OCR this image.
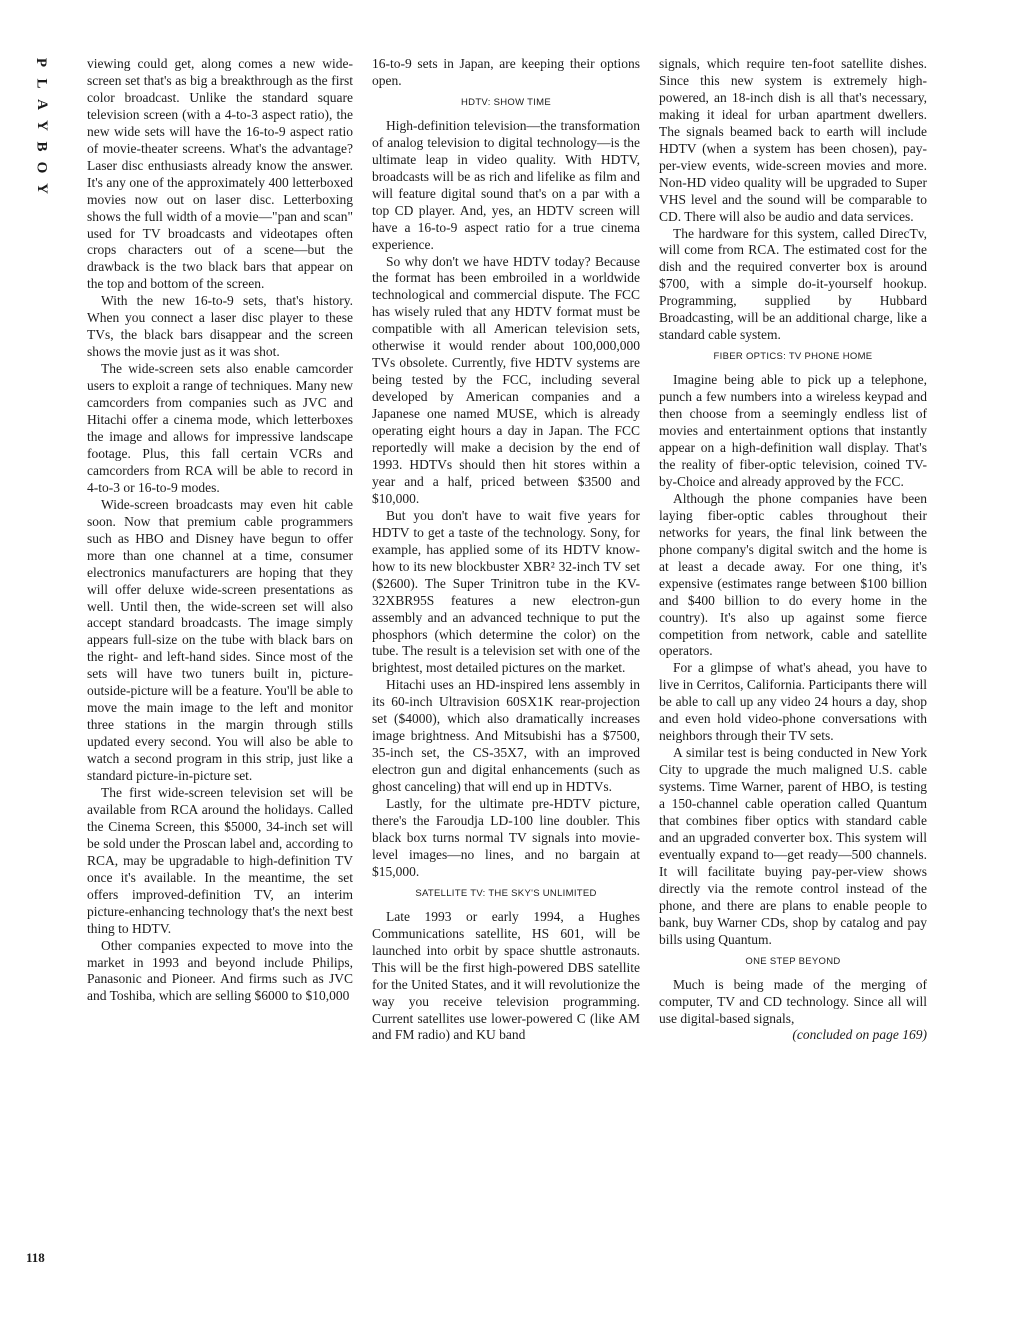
P
L
A
Y
B
O
Y
118

viewing could get, along comes a new wide-screen set that's as big a breakthrough as the first color broadcast. Unlike the standard square television screen (with a 4-to-3 aspect ratio), the new wide sets will have the 16-to-9 aspect ratio of movie-theater screens. What's the advantage? Laser disc enthusiasts already know the answer. It's any one of the approximately 400 letterboxed movies now out on laser disc. Letterboxing shows the full width of a movie—"pan and scan" used for TV broadcasts and videotapes often crops characters out of a scene—but the drawback is the two black bars that appear on the top and bottom of the screen.

With the new 16-to-9 sets, that's history. When you connect a laser disc player to these TVs, the black bars disappear and the screen shows the movie just as it was shot.

The wide-screen sets also enable camcorder users to exploit a range of techniques. Many new camcorders from companies such as JVC and Hitachi offer a cinema mode, which letterboxes the image and allows for impressive landscape footage. Plus, this fall certain VCRs and camcorders from RCA will be able to record in 4-to-3 or 16-to-9 modes.

Wide-screen broadcasts may even hit cable soon. Now that premium cable programmers such as HBO and Disney have begun to offer more than one channel at a time, consumer electronics manufacturers are hoping that they will offer deluxe wide-screen presentations as well. Until then, the wide-screen set will also accept standard broadcasts. The image simply appears full-size on the tube with black bars on the right- and left-hand sides. Since most of the sets will have two tuners built in, picture-outside-picture will be a feature. You'll be able to move the main image to the left and monitor three stations in the margin through stills updated every second. You will also be able to watch a second program in this strip, just like a standard picture-in-picture set.

The first wide-screen television set will be available from RCA around the holidays. Called the Cinema Screen, this $5000, 34-inch set will be sold under the Proscan label and, according to RCA, may be upgradable to high-definition TV once it's available. In the meantime, the set offers improved-definition TV, an interim picture-enhancing technology that's the next best thing to HDTV.

Other companies expected to move into the market in 1993 and beyond include Philips, Panasonic and Pioneer. And firms such as JVC and Toshiba, which are selling $6000 to $10,000

16-to-9 sets in Japan, are keeping their options open.

HDTV: SHOW TIME

High-definition television—the transformation of analog television to digital technology—is the ultimate leap in video quality. With HDTV, broadcasts will be as rich and lifelike as film and will feature digital sound that's on a par with a top CD player. And, yes, an HDTV screen will have a 16-to-9 aspect ratio for a true cinema experience.

So why don't we have HDTV today? Because the format has been embroiled in a worldwide technological and commercial dispute. The FCC has wisely ruled that any HDTV format must be compatible with all American television sets, otherwise it would render about 100,000,000 TVs obsolete. Currently, five HDTV systems are being tested by the FCC, including several developed by American companies and a Japanese one named MUSE, which is already operating eight hours a day in Japan. The FCC reportedly will make a decision by the end of 1993. HDTVs should then hit stores within a year and a half, priced between $3500 and $10,000.

But you don't have to wait five years for HDTV to get a taste of the technology. Sony, for example, has applied some of its HDTV know-how to its new blockbuster XBR² 32-inch TV set ($2600). The Super Trinitron tube in the KV-32XBR95S features a new electron-gun assembly and an advanced technique to put the phosphors (which determine the color) on the tube. The result is a television set with one of the brightest, most detailed pictures on the market.

Hitachi uses an HD-inspired lens assembly in its 60-inch Ultravision 60SX1K rear-projection set ($4000), which also dramatically increases image brightness. And Mitsubishi has a $7500, 35-inch set, the CS-35X7, with an improved electron gun and digital enhancements (such as ghost canceling) that will end up in HDTVs.

Lastly, for the ultimate pre-HDTV picture, there's the Faroudja LD-100 line doubler. This black box turns normal TV signals into movie-level images—no lines, and no bargain at $15,000.

SATELLITE TV: THE SKY'S UNLIMITED

Late 1993 or early 1994, a Hughes Communications satellite, HS 601, will be launched into orbit by space shuttle astronauts. This will be the first high-powered DBS satellite for the United States, and it will revolutionize the way you receive television programming. Current satellites use lower-powered C (like AM and FM radio) and KU band

signals, which require ten-foot satellite dishes. Since this new system is extremely high-powered, an 18-inch dish is all that's necessary, making it ideal for urban apartment dwellers. The signals beamed back to earth will include HDTV (when a system has been chosen), pay-per-view events, wide-screen movies and more. Non-HD video quality will be upgraded to Super VHS level and the sound will be comparable to CD. There will also be audio and data services.

The hardware for this system, called DirecTv, will come from RCA. The estimated cost for the dish and the required converter box is around $700, with a simple do-it-yourself hookup. Programming, supplied by Hubbard Broadcasting, will be an additional charge, like a standard cable system.

FIBER OPTICS: TV PHONE HOME

Imagine being able to pick up a telephone, punch a few numbers into a wireless keypad and then choose from a seemingly endless list of movies and entertainment options that instantly appear on a high-definition wall display. That's the reality of fiber-optic television, coined TV-by-Choice and already approved by the FCC.

Although the phone companies have been laying fiber-optic cables throughout their networks for years, the final link between the phone company's digital switch and the home is at least a decade away. For one thing, it's expensive (estimates range between $100 billion and $400 billion to do every home in the country). It's also up against some fierce competition from network, cable and satellite operators.

For a glimpse of what's ahead, you have to live in Cerritos, California. Participants there will be able to call up any video 24 hours a day, shop and even hold video-phone conversations with neighbors through their TV sets.

A similar test is being conducted in New York City to upgrade the much maligned U.S. cable systems. Time Warner, parent of HBO, is testing a 150-channel cable operation called Quantum that combines fiber optics with standard cable and an upgraded converter box. This system will eventually expand to—get ready—500 channels. It will facilitate buying pay-per-view shows directly via the remote control instead of the phone, and there are plans to enable people to bank, buy Warner CDs, shop by catalog and pay bills using Quantum.

ONE STEP BEYOND

Much is being made of the merging of computer, TV and CD technology. Since all will use digital-based signals,

(concluded on page 169)
